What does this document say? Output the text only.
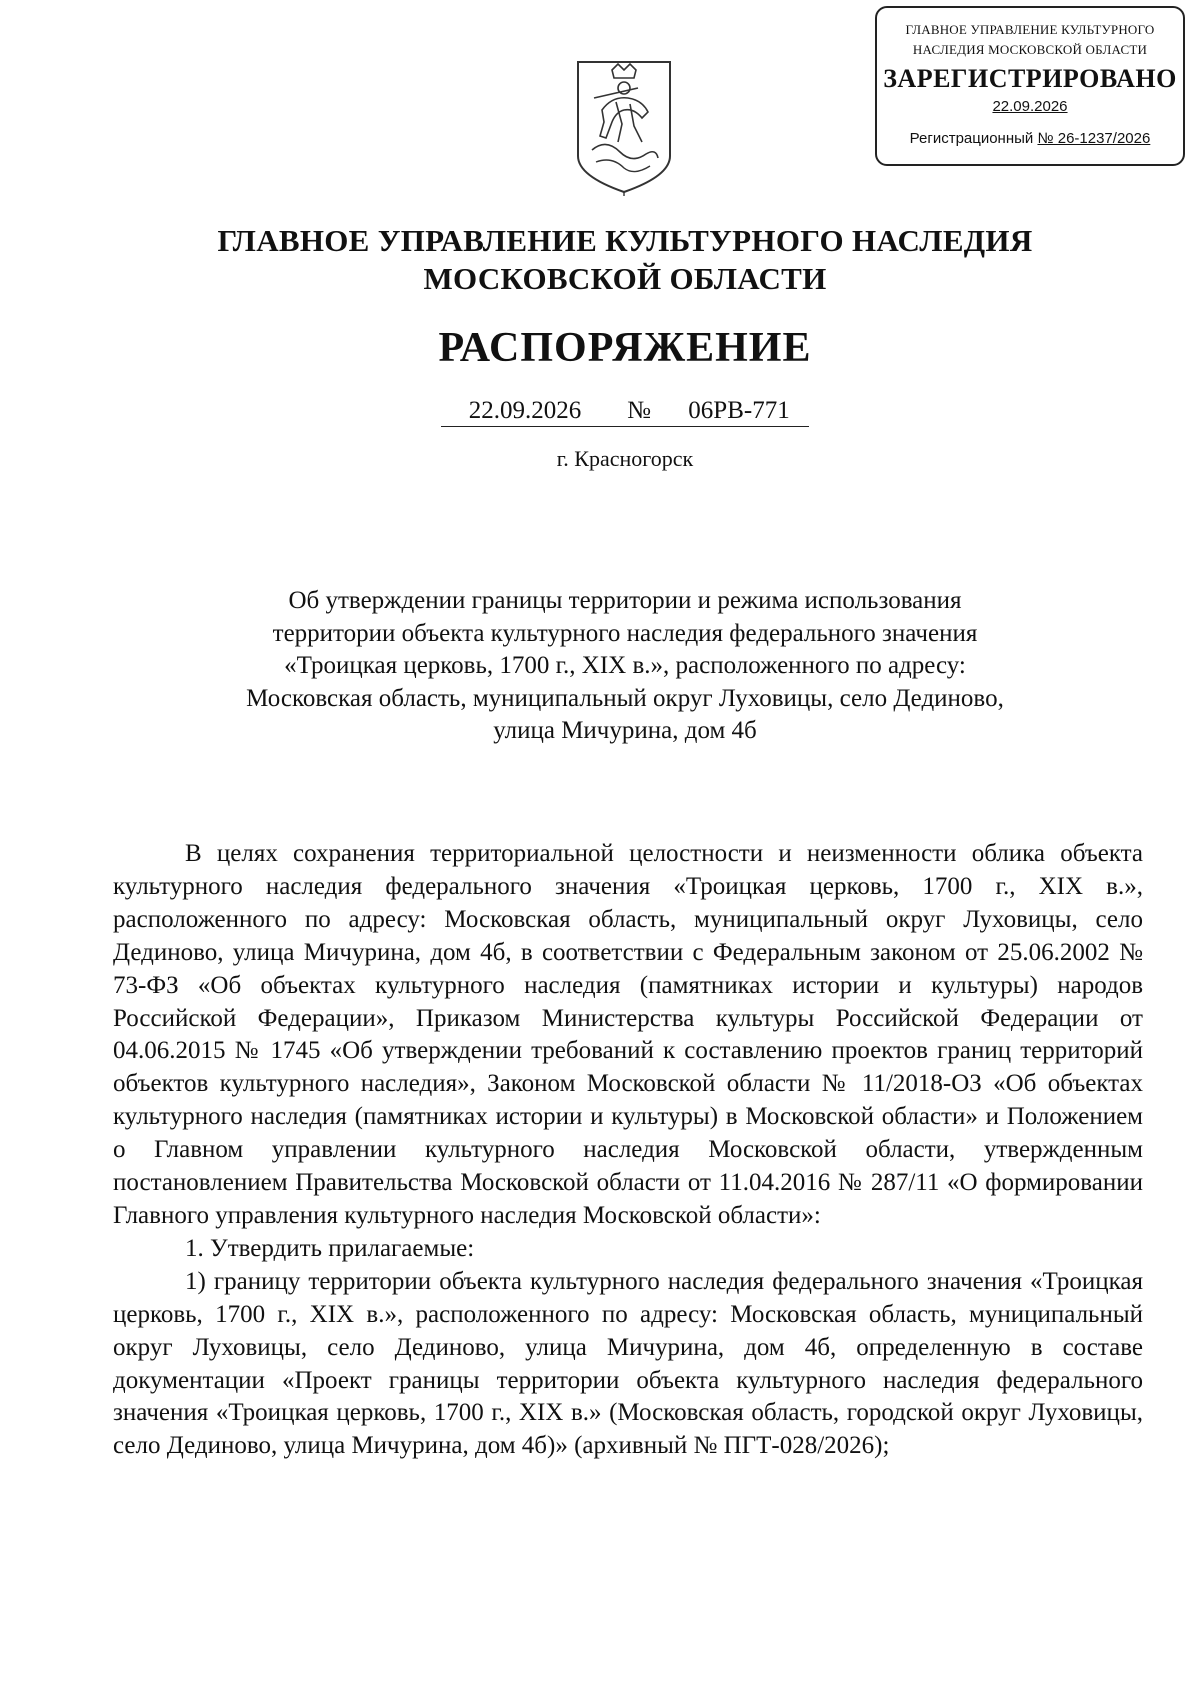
ГЛАВНОЕ УПРАВЛЕНИЕ КУЛЬТУРНОГО
НАСЛЕДИЯ МОСКОВСКОЙ ОБЛАСТИ
ЗАРЕГИСТРИРОВАНО
22.09.2026
Регистрационный № 26-1237/2026
ГЛАВНОЕ УПРАВЛЕНИЕ КУЛЬТУРНОГО НАСЛЕДИЯ
МОСКОВСКОЙ ОБЛАСТИ
РАСПОРЯЖЕНИЕ
22.09.2026 № 06РВ-771
г. Красногорск
Об утверждении границы территории и режима использования
территории объекта культурного наследия федерального значения
«Троицкая церковь, 1700 г., XIX в.», расположенного по адресу:
Московская область, муниципальный округ Луховицы, село Дединово,
улица Мичурина, дом 4б

В целях сохранения территориальной целостности и неизменности облика объекта культурного наследия федерального значения «Троицкая церковь, 1700 г., XIX в.», расположенного по адресу: Московская область, муниципальный округ Луховицы, село Дединово, улица Мичурина, дом 4б, в соответствии с Федеральным законом от 25.06.2002 № 73-ФЗ «Об объектах культурного наследия (памятниках истории и культуры) народов Российской Федерации», Приказом Министерства культуры Российской Федерации от 04.06.2015 № 1745 «Об утверждении требований к составлению проектов границ территорий объектов культурного наследия», Законом Московской области № 11/2018-ОЗ «Об объектах культурного наследия (памятниках истории и культуры) в Московской области» и Положением о Главном управлении культурного наследия Московской области, утвержденным постановлением Правительства Московской области от 11.04.2016 № 287/11 «О формировании Главного управления культурного наследия Московской области»:

1. Утвердить прилагаемые:

1) границу территории объекта культурного наследия федерального значения «Троицкая церковь, 1700 г., XIX в.», расположенного по адресу: Московская область, муниципальный округ Луховицы, село Дединово, улица Мичурина, дом 4б, определенную в составе документации «Проект границы территории объекта культурного наследия федерального значения «Троицкая церковь, 1700 г., XIX в.» (Московская область, городской округ Луховицы, село Дединово, улица Мичурина, дом 4б)» (архивный № ПГТ-028/2026);
